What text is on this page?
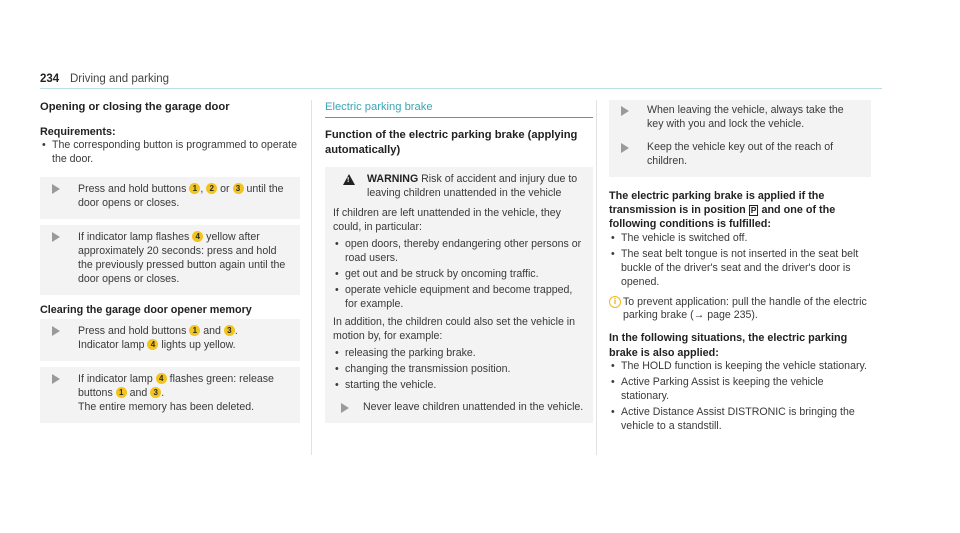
234 Driving and parking
Opening or closing the garage door
Requirements:
• The corresponding button is programmed to operate the door.
Press and hold buttons 1 , 2 or 3 until the door opens or closes.
If indicator lamp flashes 4 yellow after approximately 20 seconds: press and hold the previously pressed button again until the door opens or closes.
Clearing the garage door opener memory
Press and hold buttons 1 and 3 .
Indicator lamp 4 lights up yellow.
If indicator lamp 4 flashes green: release buttons 1 and 3 .
The entire memory has been deleted.
Electric parking brake
Function of the electric parking brake (applying automatically)
!
WARNING Risk of accident and injury due to leaving children unattended in the vehicle
If children are left unattended in the vehicle, they could, in particular:
• open doors, thereby endangering other persons or road users.
• get out and be struck by oncoming traffic.
• operate vehicle equipment and become trapped, for example.
In addition, the children could also set the vehicle in motion by, for example:
• releasing the parking brake.
• changing the transmission position.
• starting the vehicle.
Never leave children unattended in the vehicle.
When leaving the vehicle, always take the key with you and lock the vehicle.
Keep the vehicle key out of the reach of children.
The electric parking brake is applied if the transmission is in position P and one of the following conditions is fulfilled:
• The vehicle is switched off.
• The seat belt tongue is not inserted in the seat belt buckle of the driver's seat and the driver's door is opened.
i To prevent application: pull the handle of the electric parking brake (→ page 235).
In the following situations, the electric parking brake is also applied:
• The HOLD function is keeping the vehicle stationary.
• Active Parking Assist is keeping the vehicle stationary.
• Active Distance Assist DISTRONIC is bringing the vehicle to a standstill.
